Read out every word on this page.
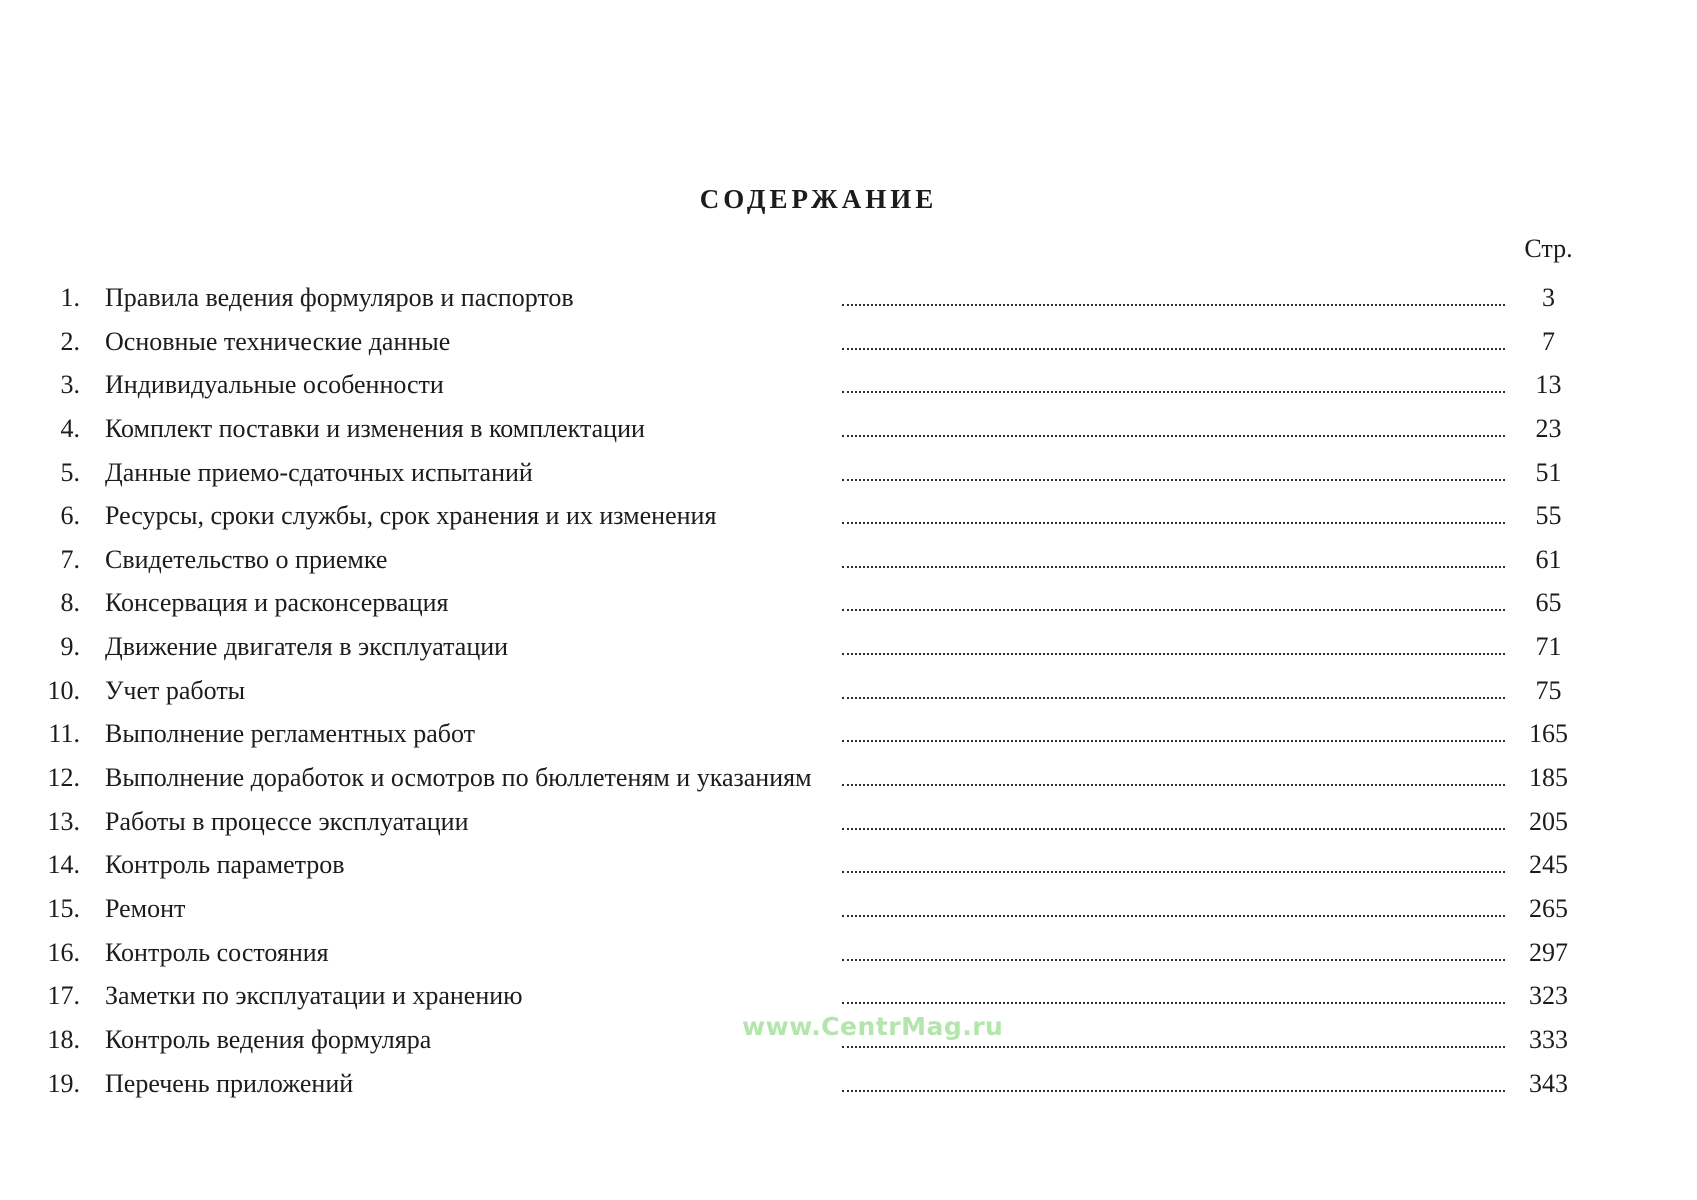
СОДЕРЖАНИЕ
Стр.
1. Правила ведения формуляров и паспортов	3
2. Основные технические данные	7
3. Индивидуальные особенности	13
4. Комплект поставки и изменения в комплектации	23
5. Данные приемо-сдаточных испытаний	51
6. Ресурсы, сроки службы, срок хранения и их изменения	55
7. Свидетельство о приемке	61
8. Консервация и расконсервация	65
9. Движение двигателя в эксплуатации	71
10. Учет работы	75
11. Выполнение регламентных работ	165
12. Выполнение доработок и осмотров по бюллетеням и указаниям	185
13. Работы в процессе эксплуатации	205
14. Контроль параметров	245
15. Ремонт	265
16. Контроль состояния	297
17. Заметки по эксплуатации и хранению	323
18. Контроль ведения формуляра	333
19. Перечень приложений	343
www.CentrMag.ru
